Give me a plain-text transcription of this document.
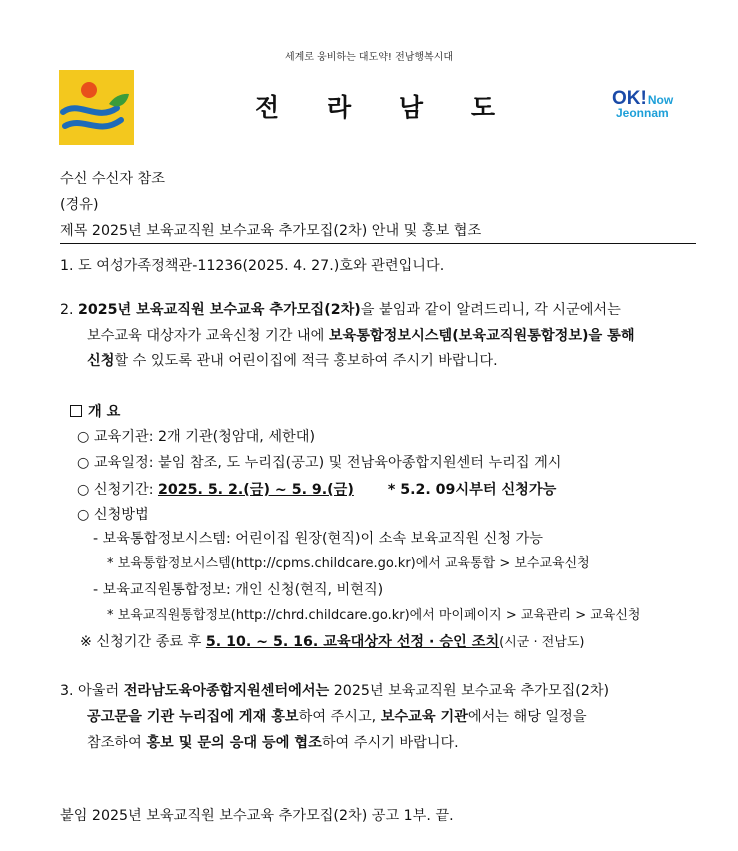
세계로 웅비하는 대도약! 전남행복시대
전 라 남 도	OK!Now
Jeonnam
수신 수신자 참조
(경유)
제목 2025년 보육교직원 보수교육 추가모집(2차) 안내 및 홍보 협조
1. 도 여성가족정책관-11236(2025. 4. 27.)호와 관련입니다.
2. 2025년 보육교직원 보수교육 추가모집(2차)을 붙임과 같이 알려드리니, 각 시군에서는
보수교육 대상자가 교육신청 기간 내에 보육통합정보시스템(보육교직원통합정보)을 통해
신청할 수 있도록 관내 어린이집에 적극 홍보하여 주시기 바랍니다.
개 요
○ 교육기관: 2개 기관(청암대, 세한대)
○ 교육일정: 붙임 참조, 도 누리집(공고) 및 전남육아종합지원센터 누리집 게시
○ 신청기간: 2025. 5. 2.(금) ~ 5. 9.(금) * 5.2. 09시부터 신청가능
○ 신청방법
- 보육통합정보시스템: 어린이집 원장(현직)이 소속 보육교직원 신청 가능
* 보육통합정보시스템(http://cpms.childcare.go.kr)에서 교육통합 > 보수교육신청
- 보육교직원통합정보: 개인 신청(현직, 비현직)
* 보육교직원통합정보(http://chrd.childcare.go.kr)에서 마이페이지 > 교육관리 > 교육신청
※ 신청기간 종료 후 5. 10. ~ 5. 16. 교육대상자 선정 · 승인 조치(시군 · 전남도)
3. 아울러 전라남도육아종합지원센터에서는 2025년 보육교직원 보수교육 추가모집(2차)
공고문을 기관 누리집에 게재 홍보하여 주시고, 보수교육 기관에서는 해당 일정을
참조하여 홍보 및 문의 응대 등에 협조하여 주시기 바랍니다.
붙임 2025년 보육교직원 보수교육 추가모집(2차) 공고 1부. 끝.
